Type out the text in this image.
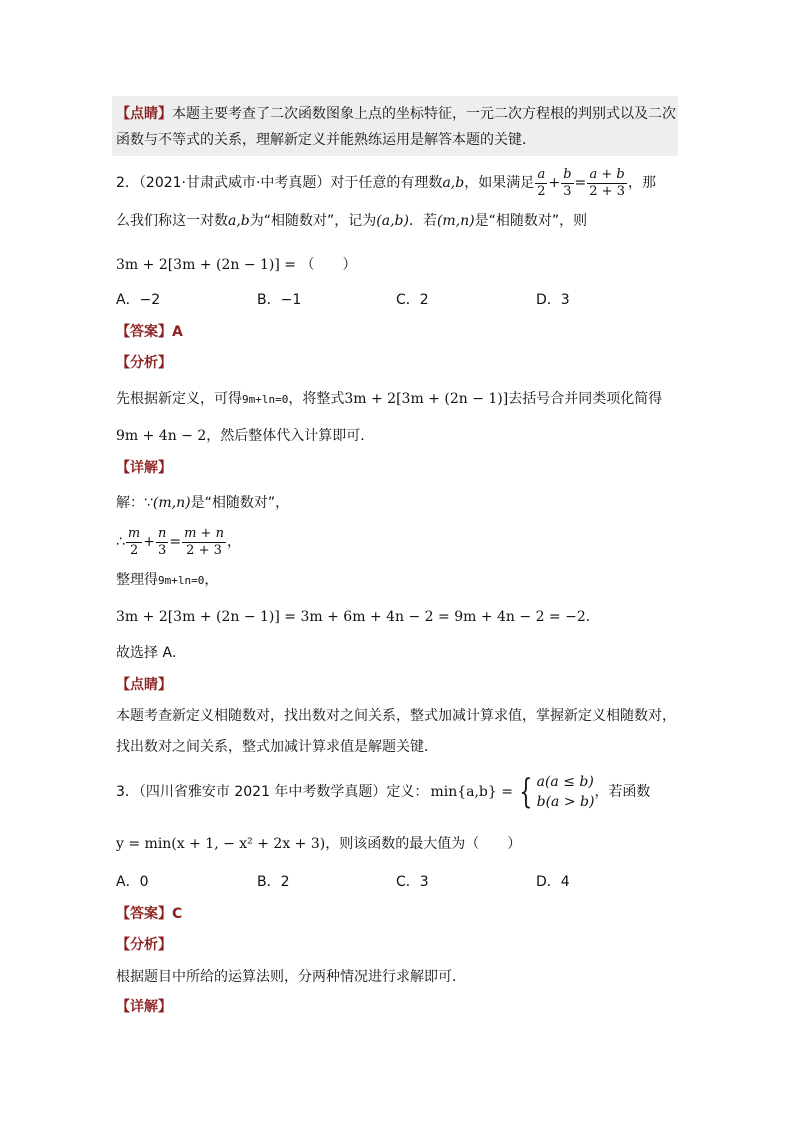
【点睛】本题主要考查了二次函数图象上点的坐标特征，一元二次方程根的判别式以及二次
函数与不等式的关系，理解新定义并能熟练运用是解答本题的关键．
2．（2021·甘肃武威市·中考真题）对于任意的有理数a,b，如果满足 $\frac{a}{2} + \frac{b}{3} = \frac{a + b}{2 + 3}$ ，那
么我们称这一对数a,b为“相随数对”，记为(a,b)．若(m,n)是“相随数对”，则
3m + 2[3m + (2n − 1)] = （　　）
A．−2	B．−1	C．2	D．3
【答案】A
【分析】
先根据新定义，可得9m+ln=0，将整式3m + 2[3m + (2n − 1)]去括号合并同类项化简得
9m + 4n − 2，然后整体代入计算即可．
【详解】
解：∵(m,n)是“相随数对”，
∴ $\frac{m}{2} + \frac{n}{3} = \frac{m + n}{2 + 3}$ ，
整理得9m+ln=0，
3m + 2[3m + (2n − 1)] = 3m + 6m + 4n − 2 = 9m + 4n − 2 = −2．
故选择 A．
【点睛】
本题考查新定义相随数对，找出数对之间关系，整式加减计算求值，掌握新定义相随数对，
找出数对之间关系，整式加减计算求值是解题关键．
3．（四川省雅安市 2021 年中考数学真题）定义： min{a,b} = { a(a ≤ b)
b(a > b)
，若函数
y = min(x + 1, − x² + 2x + 3)，则该函数的最大值为（　　）
A．0	B．2	C．3	D．4
【答案】C
【分析】
根据题目中所给的运算法则，分两种情况进行求解即可．
【详解】
